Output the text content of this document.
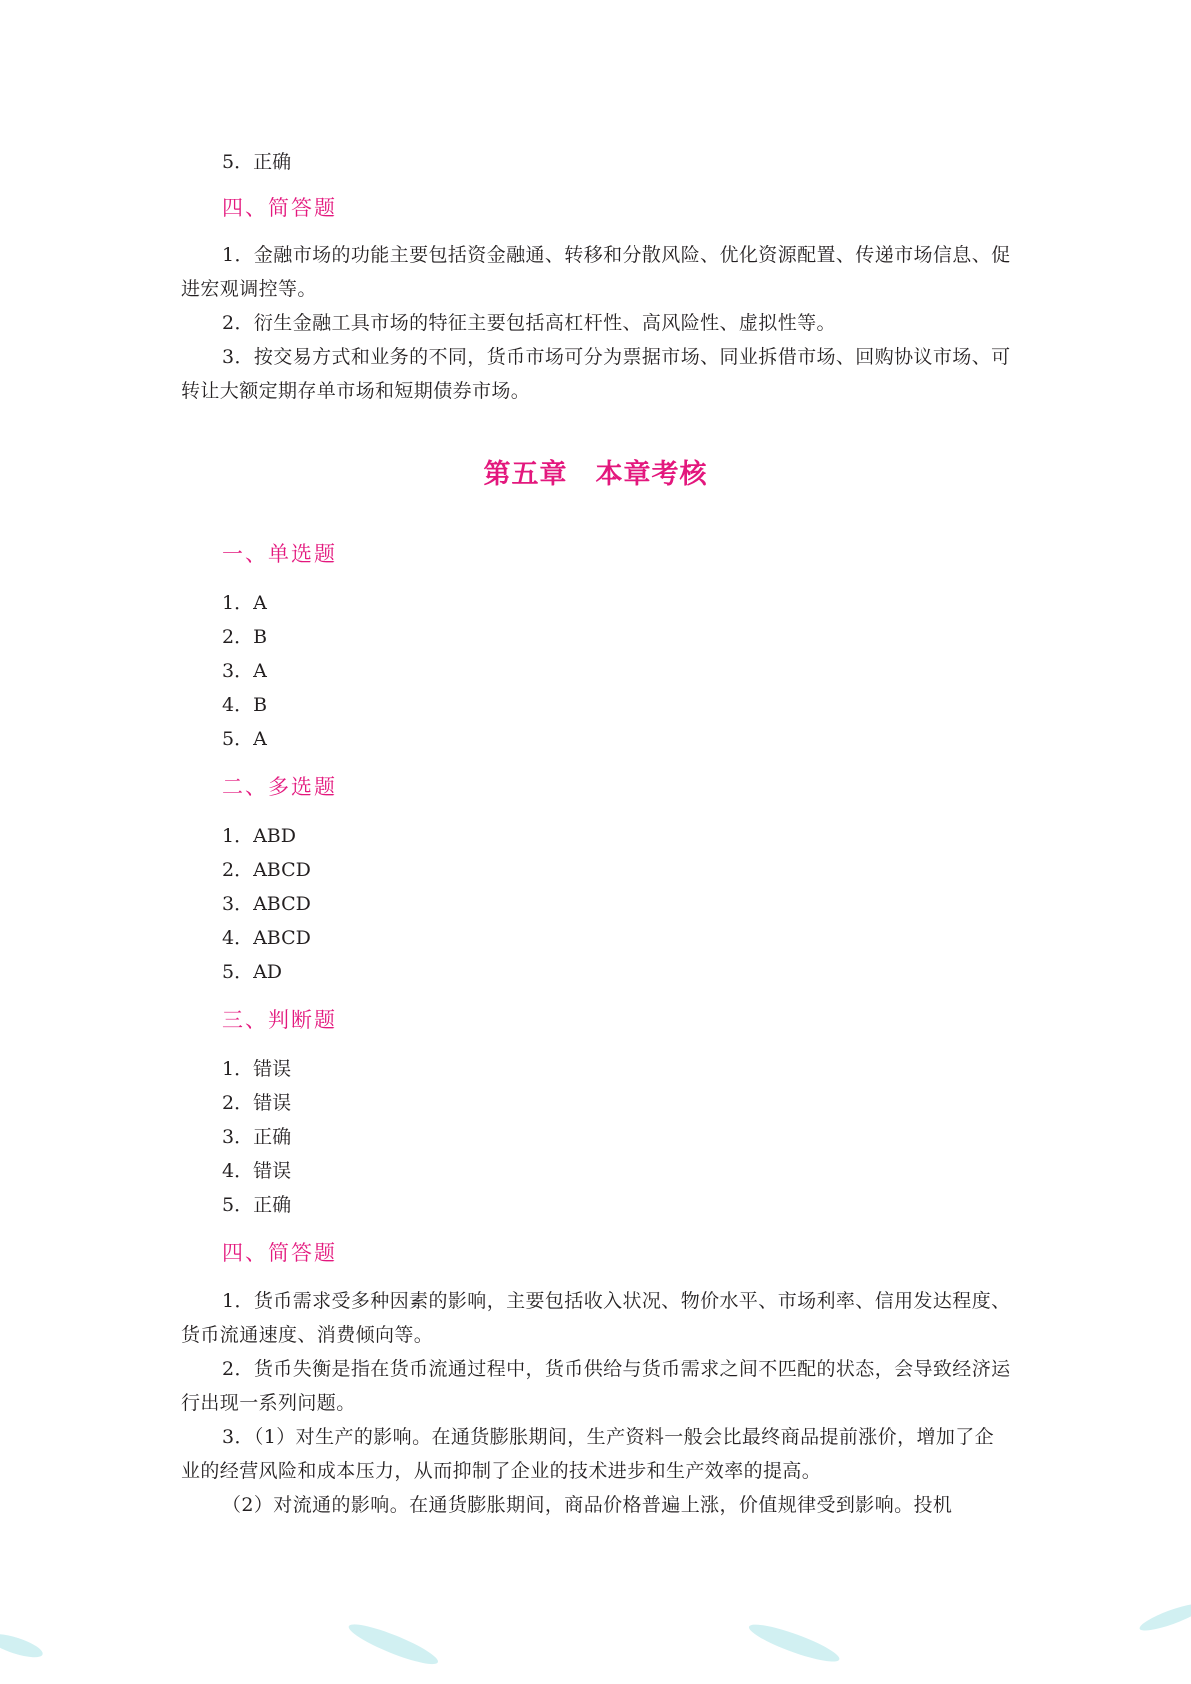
5．正确
四、简答题

1．金融市场的功能主要包括资金融通、转移和分散风险、优化资源配置、传递市场信息、促进宏观调控等。

2．衍生金融工具市场的特征主要包括高杠杆性、高风险性、虚拟性等。

3．按交易方式和业务的不同，货币市场可分为票据市场、同业拆借市场、回购协议市场、可转让大额定期存单市场和短期债券市场。

第五章 本章考核
一、单选题
1．A
2．B
3．A
4．B
5．A
二、多选题
1．ABD
2．ABCD
3．ABCD
4．ABCD
5．AD
三、判断题
1．错误
2．错误
3．正确
4．错误
5．正确
四、简答题

1．货币需求受多种因素的影响，主要包括收入状况、物价水平、市场利率、信用发达程度、货币流通速度、消费倾向等。

2．货币失衡是指在货币流通过程中，货币供给与货币需求之间不匹配的状态，会导致经济运行出现一系列问题。

3．（1）对生产的影响。在通货膨胀期间，生产资料一般会比最终商品提前涨价，增加了企业的经营风险和成本压力，从而抑制了企业的技术进步和生产效率的提高。

（2）对流通的影响。在通货膨胀期间，商品价格普遍上涨，价值规律受到影响。投机
